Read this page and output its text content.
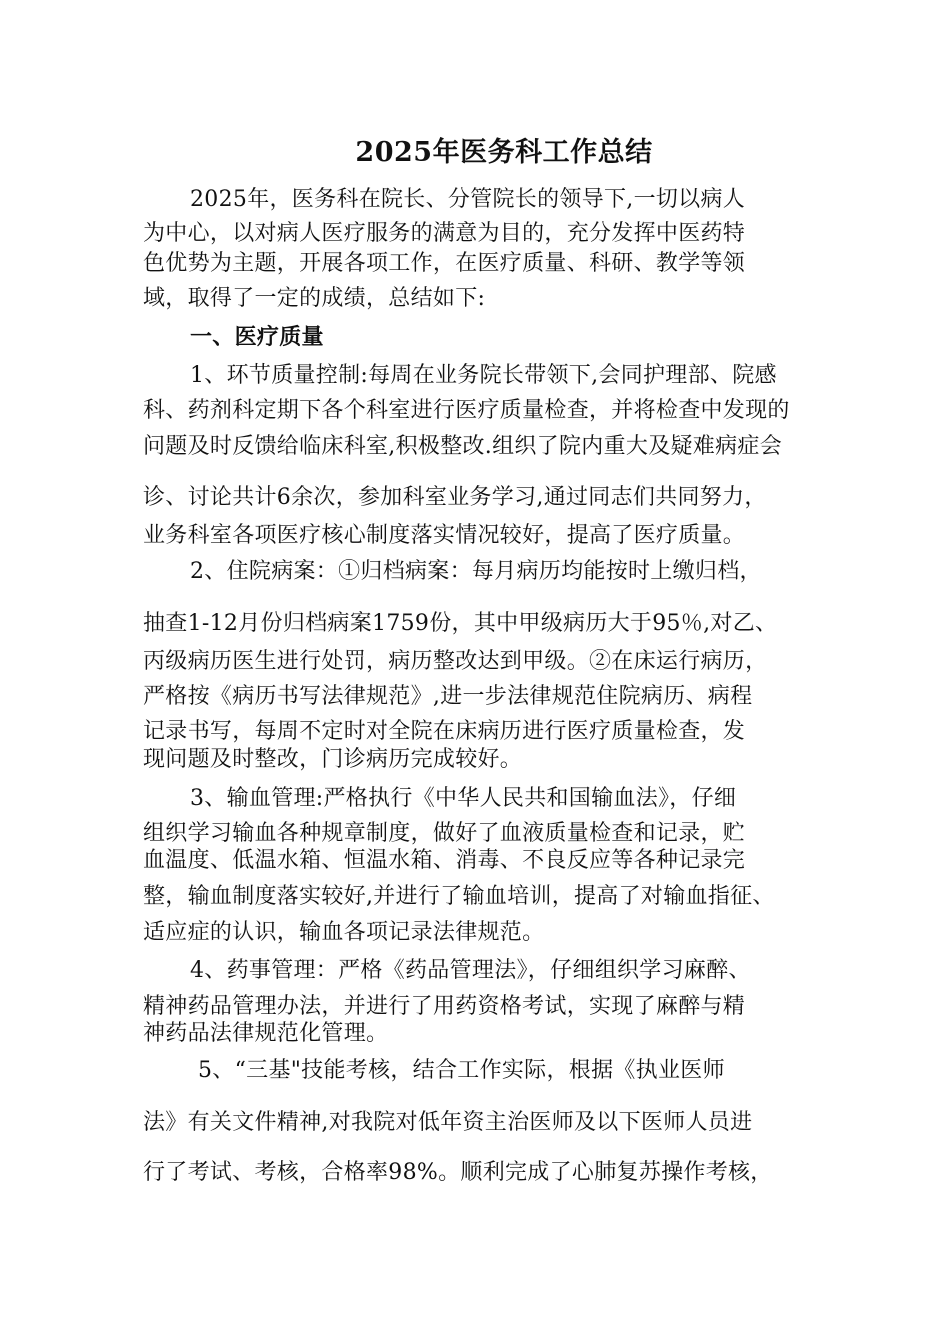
2025年医务科工作总结
2025年，医务科在院长、分管院长的领导下,一切以病人
为中心，以对病人医疗服务的满意为目的，充分发挥中医药特
色优势为主题，开展各项工作，在医疗质量、科研、教学等领
域，取得了一定的成绩，总结如下:
一、医疗质量
1、环节质量控制:每周在业务院长带领下,会同护理部、院感
科、药剂科定期下各个科室进行医疗质量检查，并将检查中发现的
问题及时反馈给临床科室,积极整改.组织了院内重大及疑难病症会
诊、讨论共计6余次，参加科室业务学习,通过同志们共同努力，
业务科室各项医疗核心制度落实情况较好，提高了医疗质量。
2、住院病案：①归档病案：每月病历均能按时上缴归档，
抽查1-12月份归档病案1759份，其中甲级病历大于95％,对乙、
丙级病历医生进行处罚，病历整改达到甲级。②在床运行病历，
严格按《病历书写法律规范》,进一步法律规范住院病历、病程
记录书写，每周不定时对全院在床病历进行医疗质量检查，发
现问题及时整改，门诊病历完成较好。
3、输血管理:严格执行《中华人民共和国输血法》，仔细
组织学习输血各种规章制度，做好了血液质量检查和记录，贮
血温度、低温水箱、恒温水箱、消毒、不良反应等各种记录完
整，输血制度落实较好,并进行了输血培训，提高了对输血指征、
适应症的认识，输血各项记录法律规范。
4、药事管理：严格《药品管理法》，仔细组织学习麻醉、
精神药品管理办法，并进行了用药资格考试，实现了麻醉与精
神药品法律规范化管理。
5、“三基"技能考核，结合工作实际，根据《执业医师
法》有关文件精神,对我院对低年资主治医师及以下医师人员进
行了考试、考核，合格率98%。顺利完成了心肺复苏操作考核，
